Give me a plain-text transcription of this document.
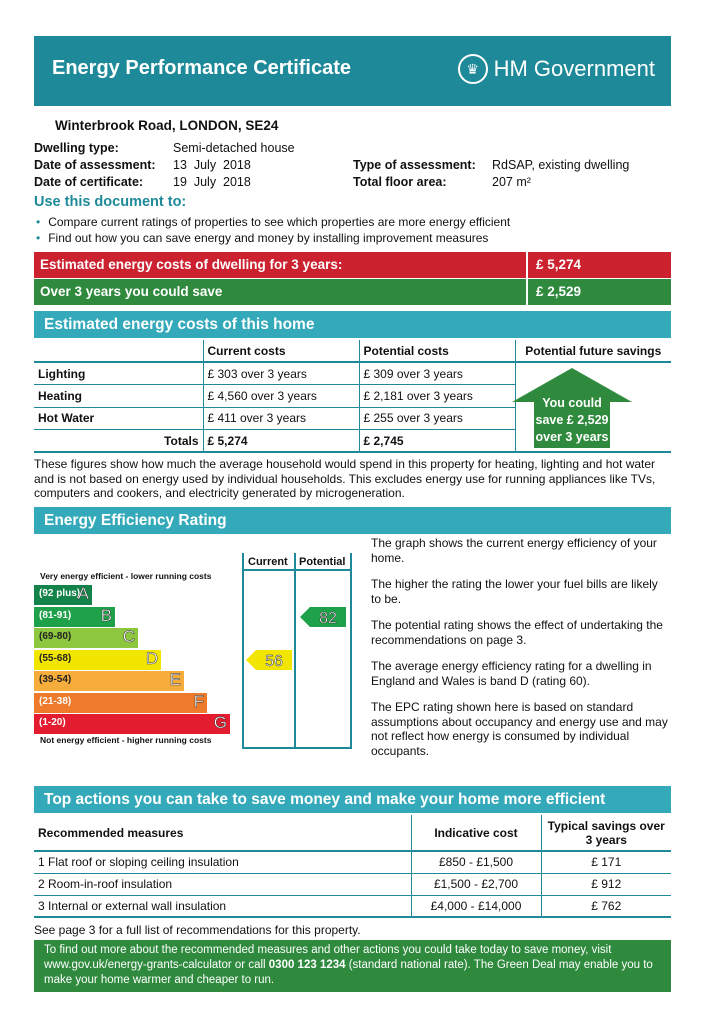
Energy Performance Certificate	♛ HM Government
Winterbrook Road, LONDON, SE24
Dwelling type:	Semi-detached house
Date of assessment: 13  July  2018
Date of certificate: 19  July  2018
Type of assessment: RdSAP, existing dwelling
Total floor area:	207 m²
Use this document to:
• Compare current ratings of properties to see which properties are more energy efficient
• Find out how you can save energy and money by installing improvement measures
Estimated energy costs of dwelling for 3 years:	£ 5,274
Over 3 years you could save	£ 2,529
Estimated energy costs of this home
	Current costs	Potential costs	Potential future savings
Lighting	£ 303 over 3 years	£ 309 over 3 years	
Heating	£ 4,560 over 3 years	£ 2,181 over 3 years	
Hot Water	£ 411 over 3 years	£ 255 over 3 years	
Totals	£ 5,274	£ 2,745	
You could
save £ 2,529
over 3 years
These figures show how much the average household would spend in this property for heating, lighting and hot water and is not based on energy used by individual households. This excludes energy use for running appliances like TVs, computers and cookers, and electricity generated by microgeneration.
Energy Efficiency Rating
Current Potential
Very energy efficient - lower running costs
Not energy efficient - higher running costs
(92 plus)
A
(81-91) B
(69-80)	C
(55-68)	D
(39-54)	E
(21-38)	F
(1-20)	G
56
82

The graph shows the current energy efficiency of your home.

The higher the rating the lower your fuel bills are likely to be.

The potential rating shows the effect of undertaking the recommendations on page 3.

The average energy efficiency rating for a dwelling in England and Wales is band D (rating 60).

The EPC rating shown here is based on standard assumptions about occupancy and energy use and may not reflect how energy is consumed by individual occupants.

Top actions you can take to save money and make your home more efficient
Recommended measures	Indicative cost	Typical savings over 3 years
1 Flat roof or sloping ceiling insulation	£850 - £1,500	£ 171
2 Room-in-roof insulation	£1,500 - £2,700	£ 912
3 Internal or external wall insulation	£4,000 - £14,000	£ 762
See page 3 for a full list of recommendations for this property.
To find out more about the recommended measures and other actions you could take today to save money, visit www.gov.uk/energy-grants-calculator or call 0300 123 1234 (standard national rate). The Green Deal may enable you to make your home warmer and cheaper to run.
